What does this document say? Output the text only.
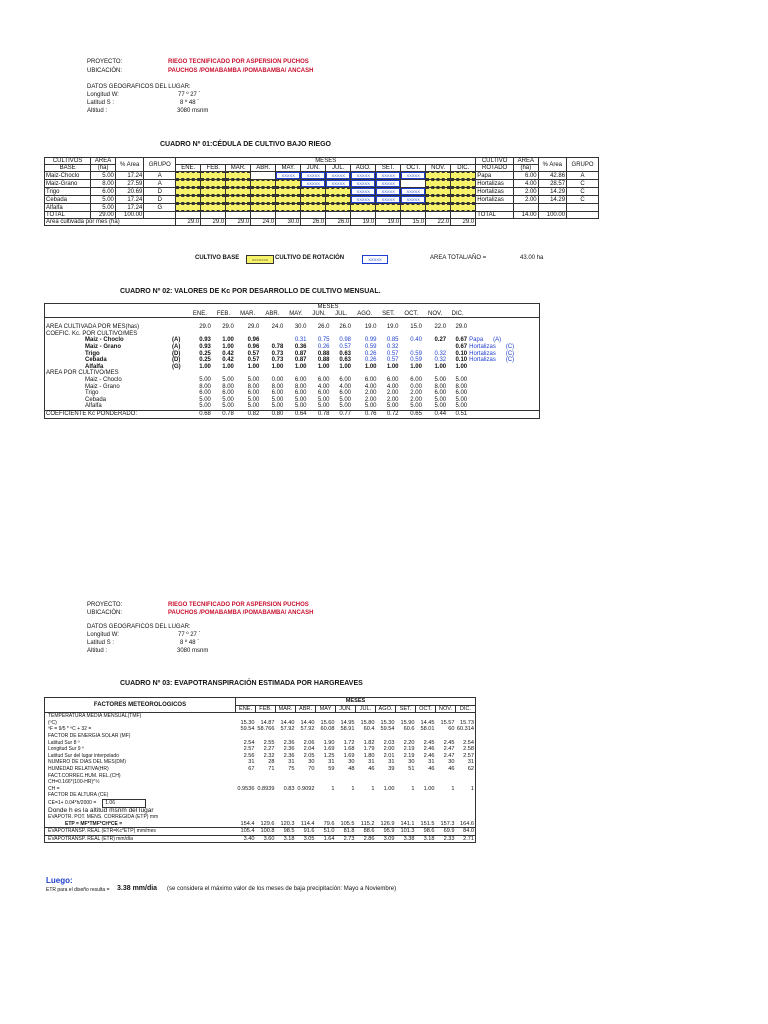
PROYECTO:	RIEGO TECNIFICADO POR ASPERSION PUCHOS
UBICACIÓN:	PAUCHOS /POMABAMBA /POMABAMBA/ ANCASH
DATOS GEOGRAFICOS DEL LUGAR:
Longitud W:	77 º 27 ´
Latitud S :	8 º 48 ´
Altitud :	3080 msnm
CUADRO Nº 01:CÉDULA DE CULTIVO BAJO RIEGO
CULTIVOS	AREA	% Area	GRUPO	MESES												CULTIVO	AREA	% Area	GRUPO
BASE	(ha)			ENE.	FEB.	MAR.	ABR.	MAY.	JUN.	JUL.	AGO.	SET.	OCT.	NOV.	DIC.	ROTADO	(ha)		
Maiz-Choclo	5.00	17.24	A					XXXXX	XXXXX	XXXXX	XXXXX	XXXXX	XXXXX			Papa	6.00	42.86	A
Maiz-Grano	8.00	27.59	A						XXXXX	XXXXX	XXXXX	XXXXX				Hortalizas	4.00	28.57	C
Trigo	6.00	20.69	D								XXXXX	XXXXX	XXXXX			Hortalizas	2.00	14.29	C
Cebada	5.00	17.24	D								XXXXX	XXXXX	XXXXX			Hortalizas	2.00	14.29	C
Alfalfa	5.00	17.24	G	

TOTAL	29.00	100.00														TOTAL	14.00	100.00	
Area cultivada por mes (ha)				29.0	29.0	29.0	24.0	30.0	26.0	26.0	19.0	19.0	15.0	22.0	29.0				
CULTIVO BASE	=======	CULTIVO DE ROTACIÓN	XXXXX	AREA TOTAL/AÑO =	43.00 ha
CUADRO Nº 02: VALORES DE Kc POR DESARROLLO DE CULTIVO MENSUAL.
		MESES												
		ENE.	FEB.	MAR.	ABR.	MAY.	JUN.	JUL.	AGO.	SET.	OCT.	NOV.	DIC.	

AREA CULTIVADA POR MES(has)		29.0	29.0	29.0	24.0	30.0	26.0	26.0	19.0	19.0	15.0	22.0	29.0	
COEFIC. Kc. POR CULTIVO/MES														
Maiz - Choclo	(A)	0.93	1.00	0.96		0.31	0.75	0.98	0.99	0.85	0.40	0.27	0.67	Papa (A)
Maiz - Grano	(A)	0.93	1.00	0.96	0.78	0.36	0.26	0.57	0.59	0.32			0.67	Hortalizas (C)
Trigo	(D)	0.25	0.42	0.57	0.73	0.87	0.88	0.63	0.26	0.57	0.59	0.32	0.10	Hortalizas (C)
Cebada	(D)	0.25	0.42	0.57	0.73	0.87	0.88	0.63	0.26	0.57	0.59	0.32	0.10	Hortalizas (C)
Alfalfa	(G)	1.00	1.00	1.00	1.00	1.00	1.00	1.00	1.00	1.00	1.00	1.00	1.00	
AREA POR CULTIVO/MES														
Maiz - Choclo		5.00	5.00	5.00	0.00	6.00	6.00	6.00	6.00	6.00	6.00	5.00	5.00	
Maiz - Grano		8.00	8.00	8.00	8.00	8.00	4.00	4.00	4.00	4.00	0.00	8.00	8.00	
Trigo		6.00	6.00	6.00	6.00	6.00	6.00	6.00	2.00	2.00	2.00	6.00	6.00	
Cebada		5.00	5.00	5.00	5.00	5.00	5.00	5.00	2.00	2.00	2.00	5.00	5.00	
Alfalfa		5.00	5.00	5.00	5.00	5.00	5.00	5.00	5.00	5.00	5.00	5.00	5.00	
COEFICIENTE Kc PONDERADO:		0.68	0.78	0.82	0.80	0.64	0.78	0.77	0.76	0.72	0.65	0.44	0.51	
PROYECTO:	RIEGO TECNIFICADO POR ASPERSION PUCHOS
UBICACIÓN:	PAUCHOS /POMABAMBA /POMABAMBA/ ANCASH
DATOS GEOGRAFICOS DEL LUGAR:
Longitud W:	77 º 27 ´
Latitud S :	8 º 48 ´
Altitud :	3080 msnm
CUADRO Nº 03: EVAPOTRANSPIRACIÓN ESTIMADA POR HARGREAVES
FACTORES METEOROLOGICOS	MESES											
	ENE.	FEB.	MAR.	ABR.	MAY	JUN.	JUL.	AGO.	SET.	OCT.	NOV.	DIC.
TEMPERATURA MEDIA MENSUAL(TMF)												
(ºC)	15.30	14.87	14.40	14.40	15.60	14.95	15.80	15.30	15.90	14.45	15.57	15.73
ºF = 9/5 * ºC + 32 =	59.54	58.766	57.92	57.92	60.08	58.91	60.4	59.54	60.6	58.01	60	60.314
FACTOR DE ENERGIA SOLAR (MF)												
Latitud Sur 8 º	2.54	2.55	2.36	2.06	1.90	1.72	1.82	2.03	2.20	2.45	2.45	2.54
Longitud Sur 9 º	2.57	2.27	2.36	2.04	1.69	1.68	1.79	2.00	2.19	2.46	2.47	2.58
Latitud Sur del lugar interpolado	2.56	2.32	2.36	2.05	1.25	1.69	1.80	2.01	2.19	2.46	2.47	2.57
NUMERO DE DIAS DEL MES(DM)	31	28	31	30	31	30	31	31	30	31	30	31
HUMEDAD RELATIVA(HR)	67	71	75	70	59	48	46	39	51	46	46	62
FACT.CORREC.HUM. REL.(CH)												
CH=0.166*(100-HR)^½												
CH =	0.9536	0.8939	0.83	0.9092	1	1	1	1.00	1	1.00	1	1
FACTOR DE ALTURA (CE)												
CE=1+ 0.04*h/2000 = 1.06												
Donde h es la altitud msnm del lugar												
EVAPOTR. POT. MENS. CORREGIDA (ETP) mm												
ETP = MF*TMF*CH*CE =	154.4	129.6	120.3	114.4	79.6	105.5	115.2	126.9	141.1	151.5	157.3	164.6
EVAPOTRANSP. REAL (ETR=Kc*ETP) mm/mes	105.4	100.8	98.5	91.6	51.0	81.8	88.6	95.9	101.3	98.6	69.9	84.0
EVAPOTRANSP. REAL (ETR) mm/día	3.40	3.60	3.18	3.05	1.64	2.73	2.86	3.09	3.38	3.18	2.33	2.71
Luego:
ETR para el diseño resulta = 3.38 mm/dia (se considera el máximo valor de los meses de baja precipitación: Mayo a Noviembre)
